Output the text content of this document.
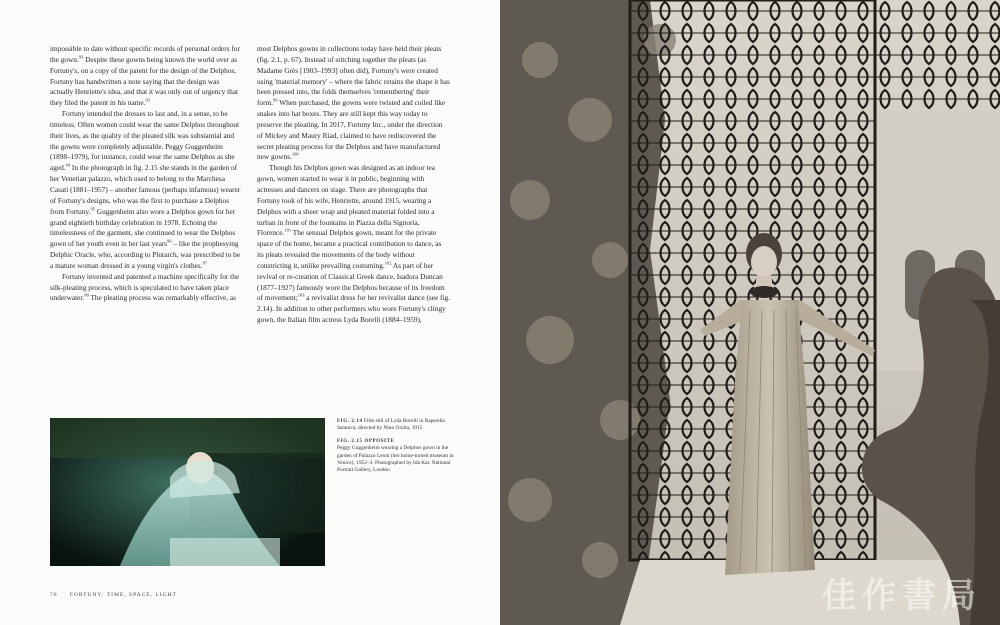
impossible to date without specific records of personal orders for the gown.$^{93}$ Despite these gowns being known the world over as Fortuny's, on a copy of the patent for the design of the Delphos, Fortuny has handwritten a note saying that the design was actually Henriette's idea, and that it was only out of urgency that they filed the patent in his name.$^{93}$

Fortuny intended the dresses to last and, in a sense, to be timeless. Often women could wear the same Delphos throughout their lives, as the quality of the pleated silk was substantial and the gowns were completely adjustable. Peggy Guggenheim (1898–1979), for instance, could wear the same Delphos as she aged.$^{94}$ In the photograph in fig. 2.15 she stands in the garden of her Venetian palazzo, which used to belong to the Marchesa Casati (1881–1957) – another famous (perhaps infamous) wearer of Fortuny's designs, who was the first to purchase a Delphos from Fortuny.$^{95}$ Guggenheim also wore a Delphos gown for her grand eightieth birthday celebration in 1978. Echoing the timelessness of the garment, she continued to wear the Delphos gown of her youth even in her last years$^{96}$ – like the prophesying Delphic Oracle, who, according to Plutarch, was prescribed to be a mature woman dressed in a young virgin's clothes.$^{97}$

Fortuny invented and patented a machine specifically for the silk-pleating process, which is speculated to have taken place underwater.$^{98}$ The pleating process was remarkably effective, as

most Delphos gowns in collections today have held their pleats (fig. 2.1, p. 67). Instead of stitching together the pleats (as Madame Grès [1903–1993] often did), Fortuny's were created using 'material memory' – where the fabric retains the shape it has been pressed into, the folds themselves 'remembering' their form.$^{99}$ When purchased, the gowns were twisted and coiled like snakes into hat boxes. They are still kept this way today to preserve the pleating. In 2017, Fortuny Inc., under the direction of Mickey and Maury Riad, claimed to have rediscovered the secret pleating process for the Delphos and have manufactured new gowns.$^{100}$

Though his Delphos gown was designed as an indoor tea gown, women started to wear it in public, beginning with actresses and dancers on stage. There are photographs that Fortuny took of his wife, Henriette, around 1915, wearing a Delphos with a sheer wrap and pleated material folded into a turban in front of the fountains in Piazza della Signoria, Florence.$^{101}$ The sensual Delphos gown, meant for the private space of the home, became a practical contribution to dance, as its pleats revealed the movements of the body without constricting it, unlike prevailing costuming.$^{102}$ As part of her revival or re-creation of Classical Greek dance, Isadora Duncan (1877–1927) famously wore the Delphos because of its freedom of movement;$^{103}$ a revivalist dress for her revivalist dance (see fig. 2.14). In addition to other performers who wore Fortuny's clingy gown, the Italian film actress Lyda Borelli (1884–1959),

FIG. 2.14 Film still of Lyda Borelli in Rapsodia Satanica, directed by Nino Oxilia, 1915

FIG. 2.15 OPPOSITE
Peggy Guggenheim wearing a Delphos gown in the garden of Palazzo Leoni (her home-turned museum in Venice), 1952–3. Photographed by Ida Kar. National Portrait Gallery, London

76 FORTUNY: TIME, SPACE, LIGHT	佳作書局
